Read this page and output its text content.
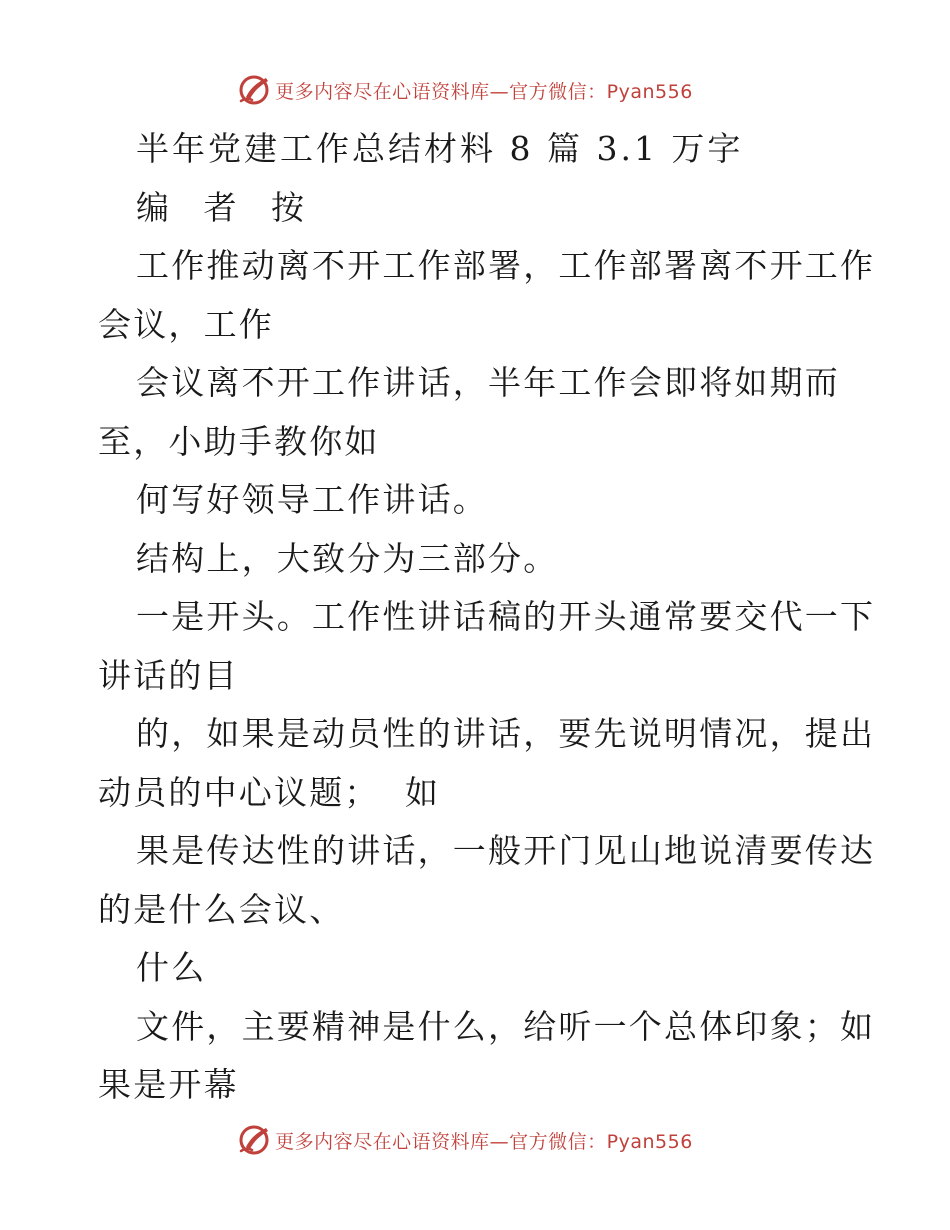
更多内容尽在心语资料库—官方微信：Pyan556
半年党建工作总结材料 8 篇 3.1 万字
编 者 按
工作推动离不开工作部署，工作部署离不开工作
会议，工作
会议离不开工作讲话，半年工作会即将如期而
至，小助手教你如
何写好领导工作讲话。
结构上，大致分为三部分。
一是开头。工作性讲话稿的开头通常要交代一下
讲话的目
的，如果是动员性的讲话，要先说明情况，提出
动员的中心议题；  如
果是传达性的讲话，一般开门见山地说清要传达
的是什么会议、
什么
文件，主要精神是什么，给听一个总体印象；如
果是开幕
更多内容尽在心语资料库—官方微信：Pyan556
